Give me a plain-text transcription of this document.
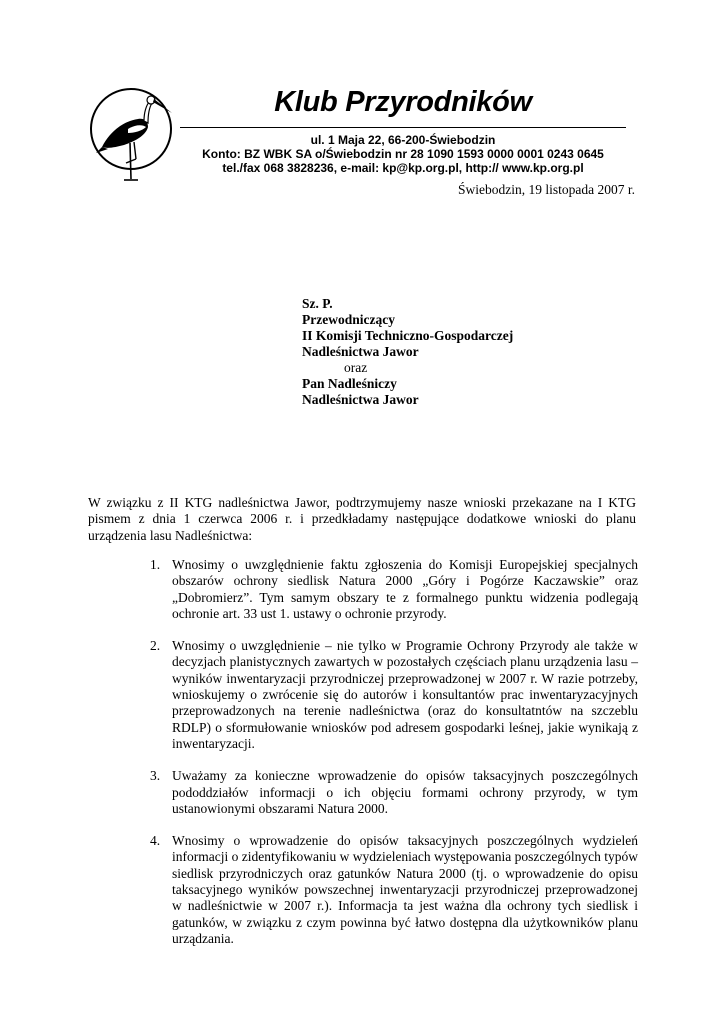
Klub Przyrodników
ul. 1 Maja 22, 66-200-Świebodzin
Konto: BZ WBK SA o/Świebodzin nr 28 1090 1593 0000 0001 0243 0645
tel./fax 068 3828236, e-mail: kp@kp.org.pl, http:// www.kp.org.pl
Świebodzin, 19 listopada 2007 r.
Sz. P.
Przewodniczący
II Komisji Techniczno-Gospodarczej
Nadleśnictwa Jawor
oraz
Pan Nadleśniczy
Nadleśnictwa Jawor
W związku z II KTG nadleśnictwa Jawor, podtrzymujemy nasze wnioski przekazane na I KTG pismem z dnia 1 czerwca 2006 r. i przedkładamy następujące dodatkowe wnioski do planu urządzenia lasu Nadleśnictwa:
1. Wnosimy o uwzględnienie faktu zgłoszenia do Komisji Europejskiej specjalnych obszarów ochrony siedlisk Natura 2000 „Góry i Pogórze Kaczawskie” oraz „Dobromierz”. Tym samym obszary te z formalnego punktu widzenia podlegają ochronie art. 33 ust 1. ustawy o ochronie przyrody.
2. Wnosimy o uwzględnienie – nie tylko w Programie Ochrony Przyrody ale także w decyzjach planistycznych zawartych w pozostałych częściach planu urządzenia lasu – wyników inwentaryzacji przyrodniczej przeprowadzonej w 2007 r. W razie potrzeby, wnioskujemy o zwrócenie się do autorów i konsultantów prac inwentaryzacyjnych przeprowadzonych na terenie nadleśnictwa (oraz do konsultatntów na szczeblu RDLP) o sformułowanie wniosków pod adresem gospodarki leśnej, jakie wynikają z inwentaryzacji.
3. Uważamy za konieczne wprowadzenie do opisów taksacyjnych poszczególnych pododdziałów informacji o ich objęciu formami ochrony przyrody, w tym ustanowionymi obszarami Natura 2000.
4. Wnosimy o wprowadzenie do opisów taksacyjnych poszczególnych wydzieleń informacji o zidentyfikowaniu w wydzieleniach występowania poszczególnych typów siedlisk przyrodniczych oraz gatunków Natura 2000 (tj. o wprowadzenie do opisu taksacyjnego wyników powszechnej inwentaryzacji przyrodniczej przeprowadzonej w nadleśnictwie w 2007 r.). Informacja ta jest ważna dla ochrony tych siedlisk i gatunków, w związku z czym powinna być łatwo dostępna dla użytkowników planu urządzania.
